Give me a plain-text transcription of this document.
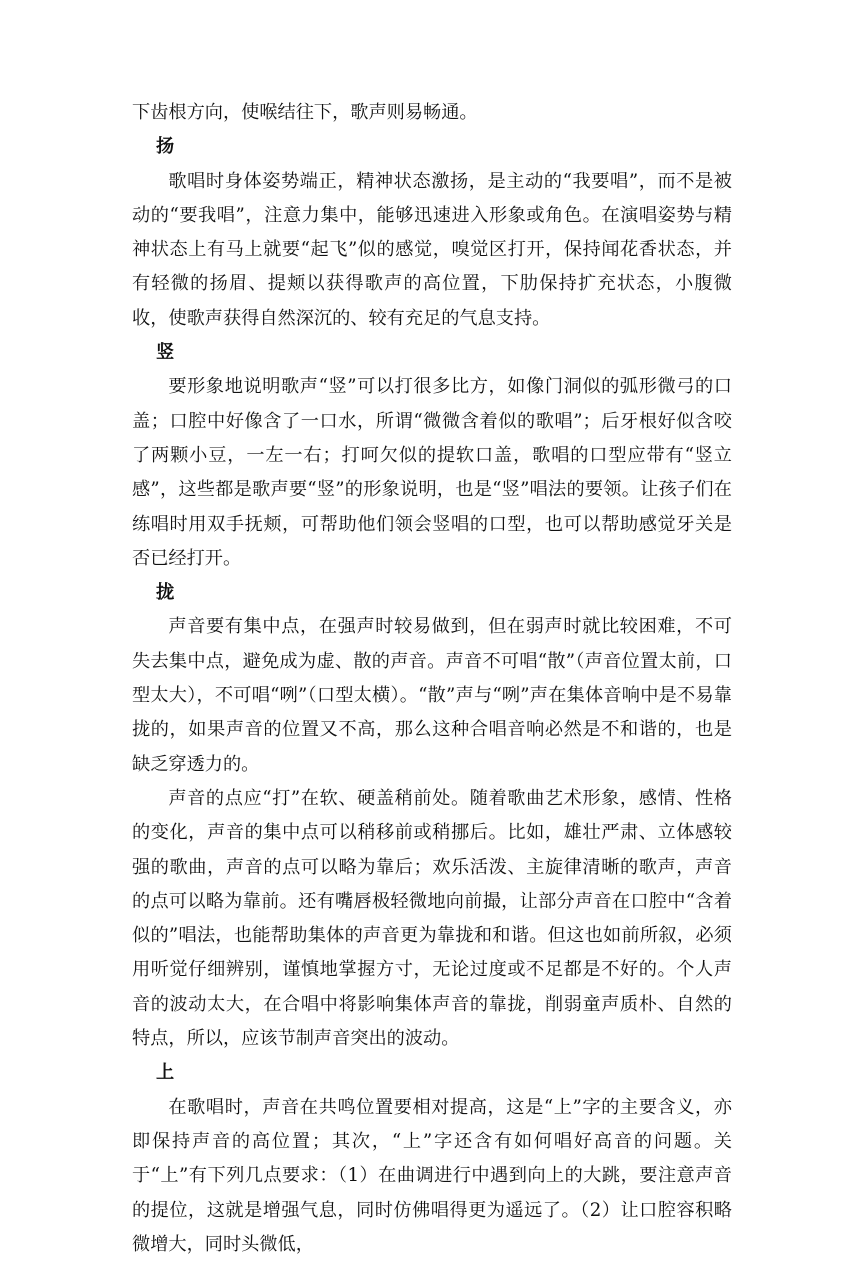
下齿根方向，使喉结往下，歌声则易畅通。

扬

歌唱时身体姿势端正，精神状态激扬，是主动的“我要唱”，而不是被动的“要我唱”，注意力集中，能够迅速进入形象或角色。在演唱姿势与精神状态上有马上就要“起飞”似的感觉，嗅觉区打开，保持闻花香状态，并有轻微的扬眉、提颊以获得歌声的高位置，下肋保持扩充状态，小腹微收，使歌声获得自然深沉的、较有充足的气息支持。

竖

要形象地说明歌声“竖”可以打很多比方，如像门洞似的弧形微弓的口盖；口腔中好像含了一口水，所谓“微微含着似的歌唱”；后牙根好似含咬了两颗小豆，一左一右；打呵欠似的提软口盖，歌唱的口型应带有“竖立感”，这些都是歌声要“竖”的形象说明，也是“竖”唱法的要领。让孩子们在练唱时用双手抚颊，可帮助他们领会竖唱的口型，也可以帮助感觉牙关是否已经打开。

拢

声音要有集中点，在强声时较易做到，但在弱声时就比较困难，不可失去集中点，避免成为虚、散的声音。声音不可唱“散”（声音位置太前，口型太大），不可唱“咧”（口型太横）。“散”声与“咧”声在集体音响中是不易靠拢的，如果声音的位置又不高，那么这种合唱音响必然是不和谐的，也是缺乏穿透力的。

声音的点应“打”在软、硬盖稍前处。随着歌曲艺术形象，感情、性格的变化，声音的集中点可以稍移前或稍挪后。比如，雄壮严肃、立体感较强的歌曲，声音的点可以略为靠后；欢乐活泼、主旋律清晰的歌声，声音的点可以略为靠前。还有嘴唇极轻微地向前撮，让部分声音在口腔中“含着似的”唱法，也能帮助集体的声音更为靠拢和和谐。但这也如前所叙，必须用听觉仔细辨别，谨慎地掌握方寸，无论过度或不足都是不好的。个人声音的波动太大，在合唱中将影响集体声音的靠拢，削弱童声质朴、自然的特点，所以，应该节制声音突出的波动。

上

在歌唱时，声音在共鸣位置要相对提高，这是“上”字的主要含义，亦即保持声音的高位置；其次，“上”字还含有如何唱好高音的问题。关于“上”有下列几点要求：（1）在曲调进行中遇到向上的大跳，要注意声音的提位，这就是增强气息，同时仿佛唱得更为遥远了。（2）让口腔容积略微增大，同时头微低，
